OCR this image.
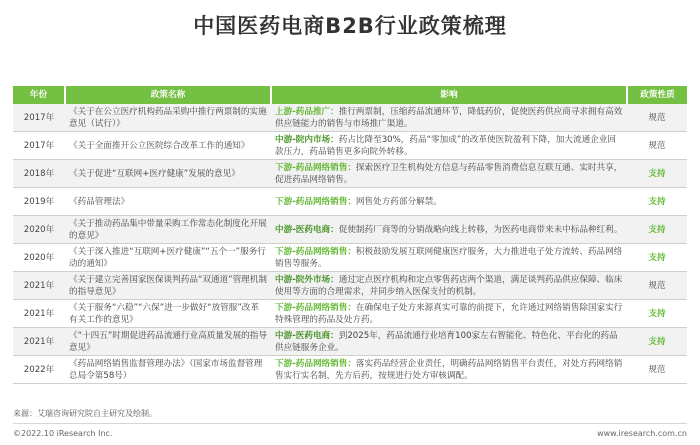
中国医药电商B2B行业政策梳理
年份	政策名称	影响	政策性质
2017年	《关于在公立医疗机构药品采购中推行两票制的实施意见（试行）》	上游-药品推广：推行两票制，压缩药品流通环节，降低药价，促使医药供应商寻求拥有高效供应链能力的销售与市场推广渠道。	规范
2017年	《关于全面推开公立医院综合改革工作的通知》	中游-院内市场：药占比降至30%，药品“零加成”的改革使医院盈利下降，加大流通企业回款压力，药品销售更多向院外转移。	规范
2018年	《关于促进“互联网+医疗健康”发展的意见》	下游-药品网络销售：探索医疗卫生机构处方信息与药品零售消费信息互联互通、实时共享，促进药品网络销售。	支持
2019年	《药品管理法》	下游-药品网络销售：网售处方药部分解禁。	支持
2020年	《关于推动药品集中带量采购工作常态化制度化开展的意见》	中游-医药电商：促使制药厂商等的分销战略向线上转移，为医药电商带来未中标品种红利。	支持
2020年	《关于深入推进“互联网+医疗健康”“五个一”服务行动的通知》	下游-药品网络销售：积极鼓励发展互联网健康医疗服务，大力推进电子处方流转、药品网络销售等服务。	支持
2021年	《关于建立完善国家医保谈判药品“双通道”管理机制的指导意见》	中游-院外市场：通过定点医疗机构和定点零售药店两个渠道，满足谈判药品供应保障、临床使用等方面的合理需求，并同步纳入医保支付的机制。	规范
2021年	《关于服务“六稳”“六保”进一步做好“放管服”改革有关工作的意见》	下游-药品网络销售：在确保电子处方来源真实可靠的前提下，允许通过网络销售除国家实行特殊管理的药品及处方药。	支持
2021年	《“十四五”时期促进药品流通行业高质量发展的指导意见》	中游-医药电商：到2025年，药品流通行业培育100家左右智能化、特色化、平台化的药品供应链服务企业。	支持
2022年	《药品网络销售监督管理办法》（国家市场监督管理总局令第58号）	下游-药品网络销售：落实药品经营企业责任，明确药品网络销售平台责任，对处方药网络销售实行实名制，先方后药，按规进行处方审核调配。	规范
来源：艾瑞咨询研究院自主研究及绘制。
©2022.10 iResearch Inc.	www.iresearch.com.cn
